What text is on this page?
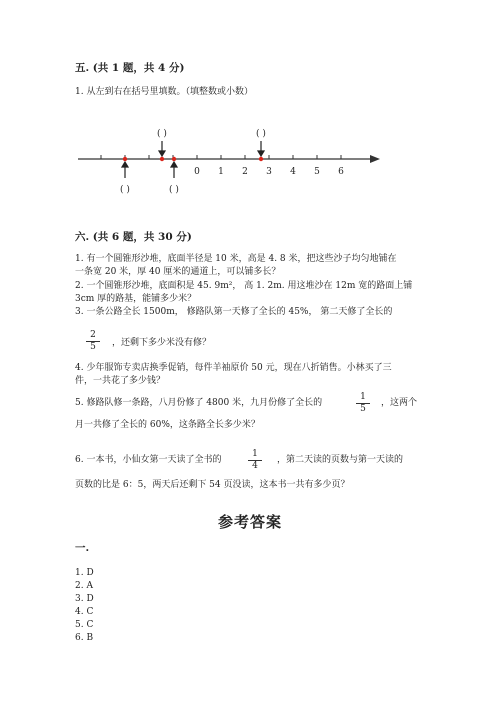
五. (共 1 题，共 4 分)
1. 从左到右在括号里填数。（填整数或小数）
0 1 2 3 4 5 6
( )	( )
( )	( )
六. (共 6 题，共 30 分)
1. 有一个圆锥形沙堆，底面半径是 10 米，高是 4. 8 米，把这些沙子均匀地铺在
一条宽 20 米，厚 40 厘米的通道上，可以铺多长？
2. 一个圆锥形沙堆，底面积是 45. 9m²， 高 1. 2m. 用这堆沙在 12m 宽的路面上铺
3cm 厚的路基，能铺多少米？
3. 一条公路全长 1500m， 修路队第一天修了全长的 45%， 第二天修了全长的
$\frac{2}{5}$ ，还剩下多少米没有修？
4. 少年服饰专卖店换季促销，每件羊袖原价 50 元，现在八折销售。小林买了三
件，一共花了多少钱？
5. 修路队修一条路，八月份修了 4800 米，九月份修了全长的	$\frac{1}{5}$ ，这两个
月一共修了全长的 60%，这条路全长多少米？
6. 一本书，小仙女第一天读了全书的	$\frac{1}{4}$ ，第二天读的页数与第一天读的
页数的比是 6：5，两天后还剩下 54 页没读，这本书一共有多少页？
参考答案
一.
1. D
2. A
3. D
4. C
5. C
6. B
